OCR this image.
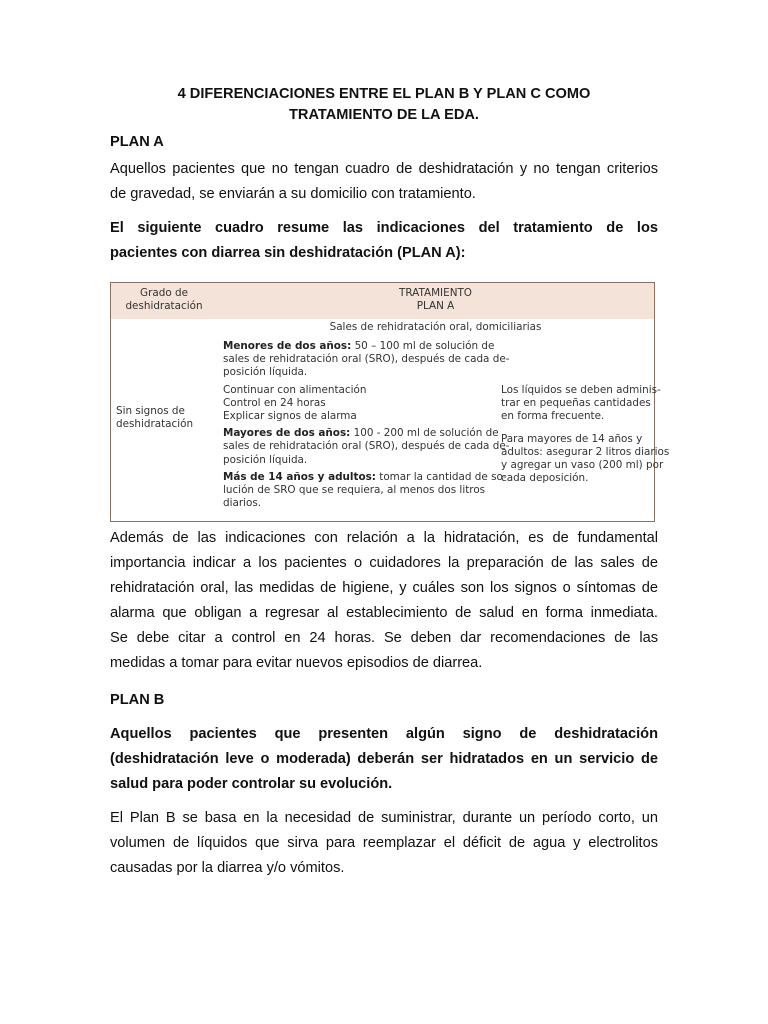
4 DIFERENCIACIONES ENTRE EL PLAN B Y PLAN C COMO
TRATAMIENTO DE LA EDA.
PLAN A
Aquellos pacientes que no tengan cuadro de deshidratación y no tengan criterios
de gravedad, se enviarán a su domicilio con tratamiento.
El siguiente cuadro resume las indicaciones del tratamiento de los
pacientes con diarrea sin deshidratación (PLAN A):
Grado de
deshidratación
TRATAMIENTO
PLAN A
Sales de rehidratación oral, domiciliarias
Sin signos de
deshidratación
Menores de dos años: 50 – 100 ml de solución de
sales de rehidratación oral (SRO), después de cada de-
posición líquida.
Continuar con alimentación
Control en 24 horas
Explicar signos de alarma
Mayores de dos años: 100 - 200 ml de solución de
sales de rehidratación oral (SRO), después de cada de-
posición líquida.
Más de 14 años y adultos: tomar la cantidad de so-
lución de SRO que se requiera, al menos dos litros
diarios.
Los líquidos se deben adminis-
trar en pequeñas cantidades
en forma frecuente.
Para mayores de 14 años y
adultos: asegurar 2 litros diarios
y agregar un vaso (200 ml) por
cada deposición.
Además de las indicaciones con relación a la hidratación, es de fundamental
importancia indicar a los pacientes o cuidadores la preparación de las sales de
rehidratación oral, las medidas de higiene, y cuáles son los signos o síntomas de
alarma que obligan a regresar al establecimiento de salud en forma inmediata.
Se debe citar a control en 24 horas. Se deben dar recomendaciones de las
medidas a tomar para evitar nuevos episodios de diarrea.
PLAN B
Aquellos pacientes que presenten algún signo de deshidratación
(deshidratación leve o moderada) deberán ser hidratados en un servicio de
salud para poder controlar su evolución.
El Plan B se basa en la necesidad de suministrar, durante un período corto, un
volumen de líquidos que sirva para reemplazar el déficit de agua y electrolitos
causadas por la diarrea y/o vómitos.
